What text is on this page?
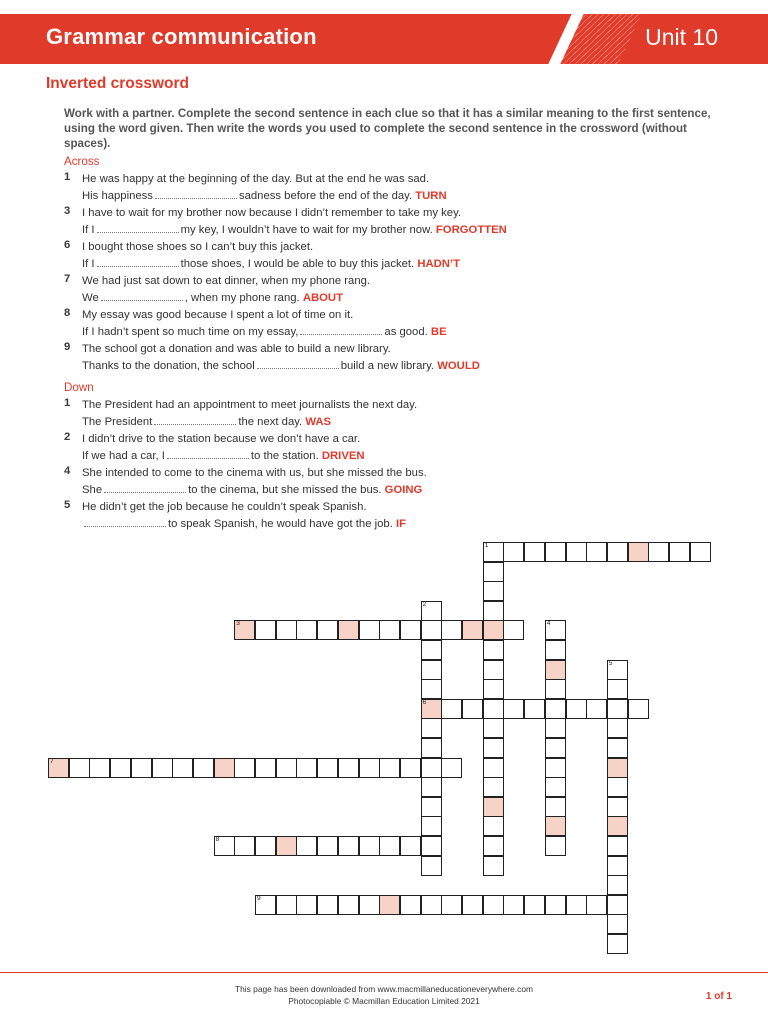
Grammar communication	Unit 10
Inverted crossword
Work with a partner. Complete the second sentence in each clue so that it has a similar meaning to the first sentence, using the word given. Then write the words you used to complete the second sentence in the crossword (without spaces).
Across
1	He was happy at the beginning of the day. But at the end he was sad.
His happiness	sadness before the end of the day. TURN
3	I have to wait for my brother now because I didn’t remember to take my key.
If I	my key, I wouldn’t have to wait for my brother now. FORGOTTEN
6	I bought those shoes so I can’t buy this jacket.
If I	those shoes, I would be able to buy this jacket. HADN’T
7	We had just sat down to eat dinner, when my phone rang.
We	, when my phone rang. ABOUT
8	My essay was good because I spent a lot of time on it.
If I hadn’t spent so much time on my essay,	as good. BE
9	The school got a donation and was able to build a new library.
Thanks to the donation, the school	build a new library. WOULD
Down
1	The President had an appointment to meet journalists the next day.
The President	the next day. WAS
2	I didn’t drive to the station because we don’t have a car.
If we had a car, I	to the station. DRIVEN
4	She intended to come to the cinema with us, but she missed the bus.
She	to the cinema, but she missed the bus. GOING
5	He didn’t get the job because he couldn’t speak Spanish.
to speak Spanish, he would have got the job. IF
1
2
6
3	4
5
7
8
9
This page has been downloaded from www.macmillaneducationeverywhere.com
Photocopiable © Macmillan Education Limited 2021	1 of 1
